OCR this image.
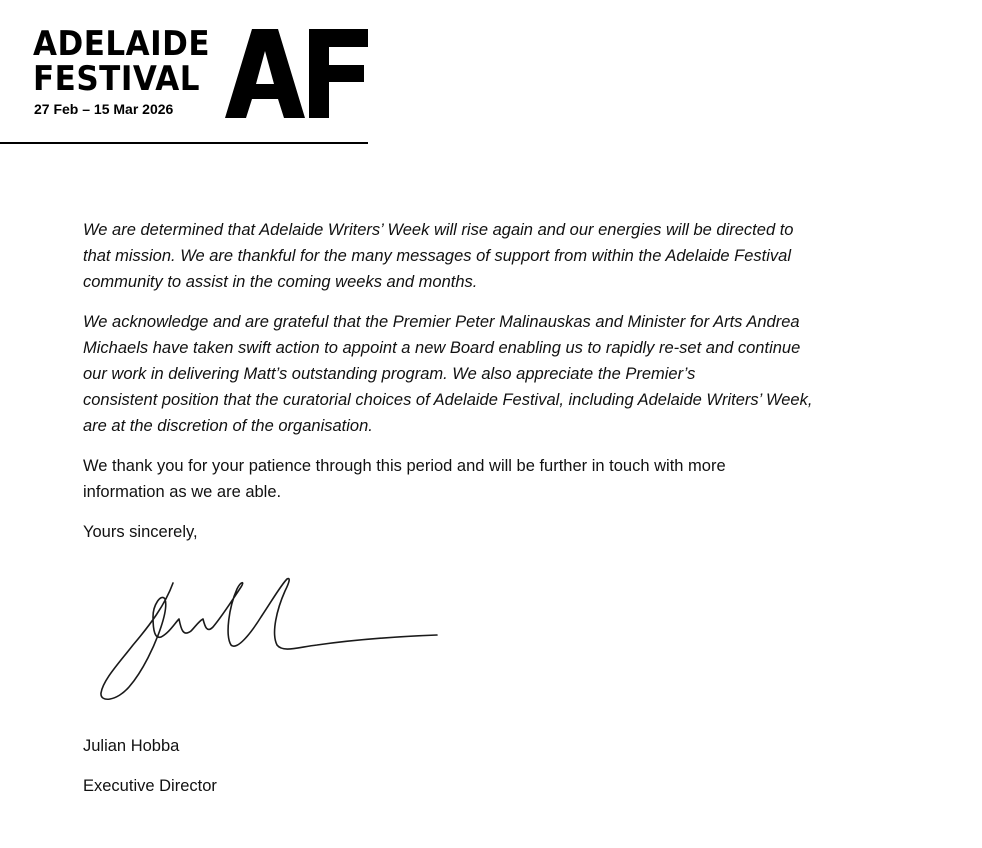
ADELAIDE
FESTIVAL
27 Feb – 15 Mar 2026

We are determined that Adelaide Writers’ Week will rise again and our energies will be directed to
that mission. We are thankful for the many messages of support from within the Adelaide Festival
community to assist in the coming weeks and months.

We acknowledge and are grateful that the Premier Peter Malinauskas and Minister for Arts Andrea
Michaels have taken swift action to appoint a new Board enabling us to rapidly re-set and continue
our work in delivering Matt’s outstanding program. We also appreciate the Premier’s
consistent position that the curatorial choices of Adelaide Festival, including Adelaide Writers’ Week,
are at the discretion of the organisation.

We thank you for your patience through this period and will be further in touch with more
information as we are able.

Yours sincerely,

Julian Hobba
Executive Director
